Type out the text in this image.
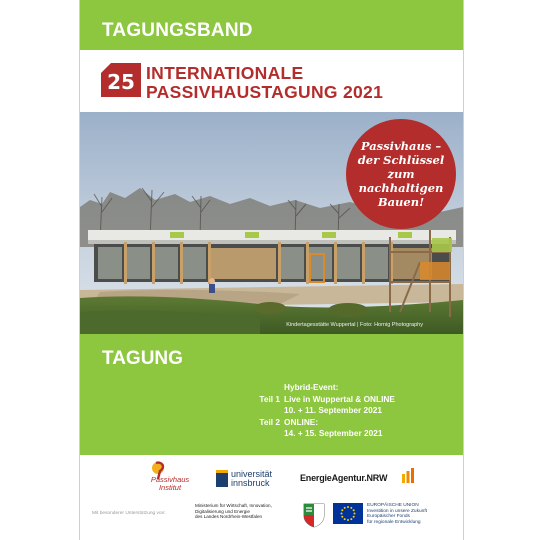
TAGUNGSBAND
25 INTERNATIONALE
PASSIVHAUSTAGUNG 2021
Kindertagesstätte Wuppertal | Foto: Hornig Photography
Passivhaus –
der Schlüssel
zum
nachhaltigen
Bauen!
TAGUNG
Hybrid-Event:
Teil 1 Live in Wuppertal & ONLINE
10. + 11. September 2021
Teil 2 ONLINE:
14. + 15. September 2021
Passivhaus
Institut
universität
innsbruck	EnergieAgentur.NRW
Mit besonderer Unterstützung von:
Ministerium für Wirtschaft, Innovation,
Digitalisierung und Energie
des Landes Nordrhein-Westfalen
EUROPÄISCHE UNION
Investition in unsere Zukunft
Europäischer Fonds
für regionale Entwicklung
